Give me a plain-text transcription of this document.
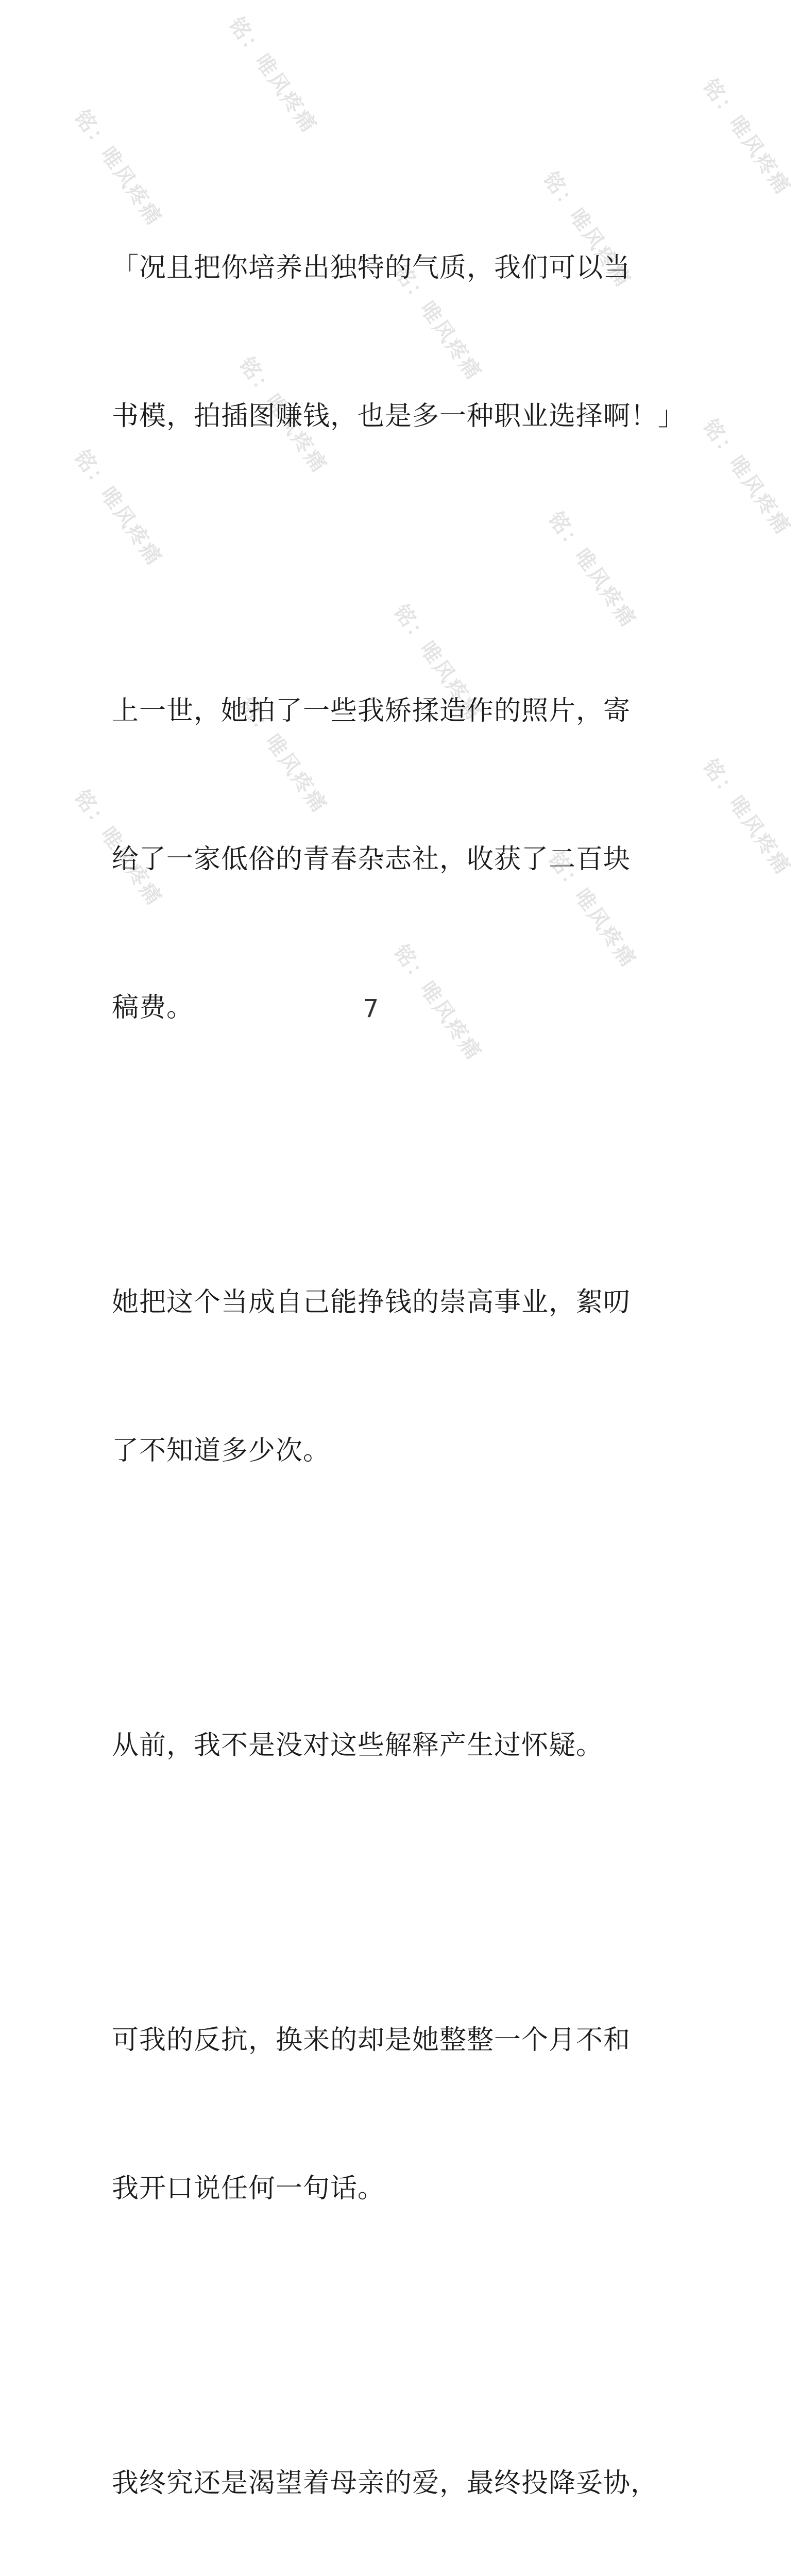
铭：唯风疼痛
铭：唯风疼痛	铭：唯风疼痛
铭：唯风疼痛
铭：唯风疼痛
铭：唯风疼痛
铭：唯风疼痛	铭：唯风疼痛
铭：唯风疼痛
铭：唯风疼痛
铭：唯风疼痛
铭：唯风疼痛	铭：唯风疼痛
铭：唯风疼痛
铭：唯风疼痛

「况且把你培养出独特的气质，我们可以当

书模，拍插图赚钱，也是多一种职业选择啊！」

上一世，她拍了一些我矫揉造作的照片，寄

给了一家低俗的青春杂志社，收获了二百块

稿费。

她把这个当成自己能挣钱的崇高事业，絮叨

了不知道多少次。

从前，我不是没对这些解释产生过怀疑。

可我的反抗，换来的却是她整整一个月不和

我开口说任何一句话。

我终究还是渴望着母亲的爱，最终投降妥协，

7
